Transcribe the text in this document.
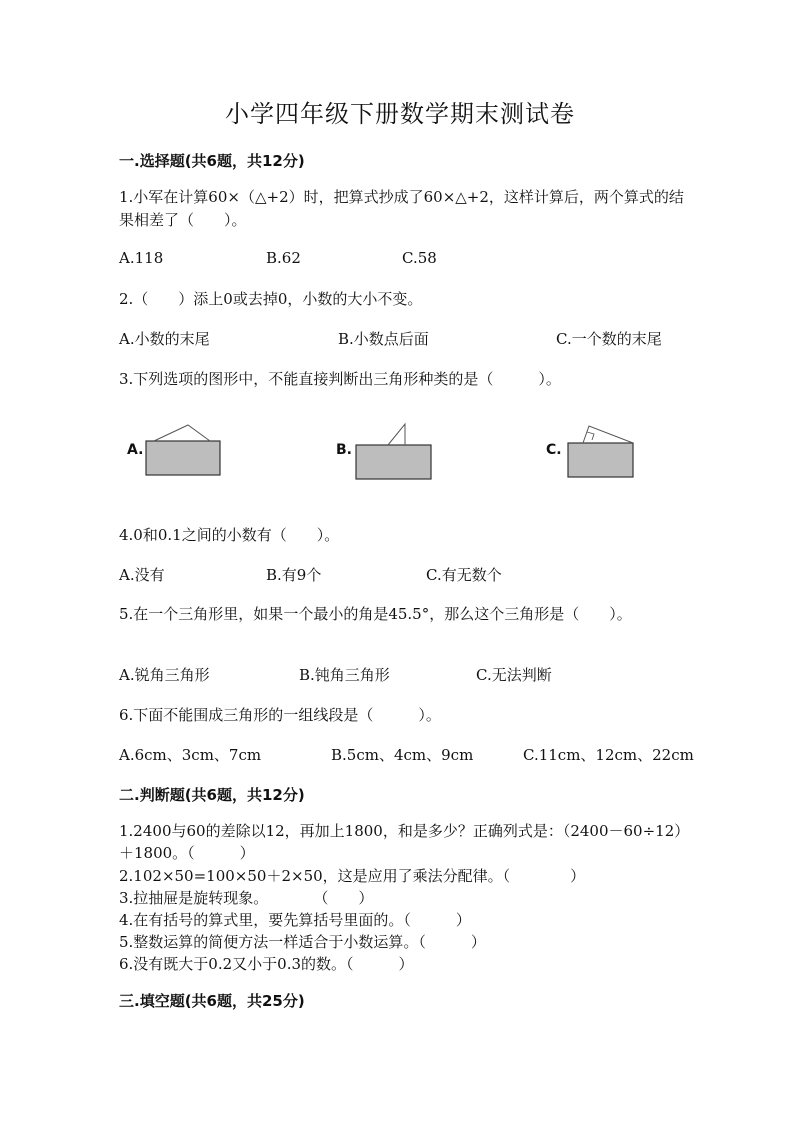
小学四年级下册数学期末测试卷
一.选择题(共6题，共12分)
1.小军在计算60×（△+2）时，把算式抄成了60×△+2，这样计算后，两个算式的结果相差了（　　）。
A.118	B.62	C.58
2.（　　）添上0或去掉0，小数的大小不变。
A.小数的末尾	B.小数点后面	C.一个数的末尾
3.下列选项的图形中，不能直接判断出三角形种类的是（　　　）。
A.	B.	C.
4.0和0.1之间的小数有（　　）。
A.没有	B.有9个	C.有无数个
5.在一个三角形里，如果一个最小的角是45.5°，那么这个三角形是（　　）。
A.锐角三角形	B.钝角三角形	C.无法判断
6.下面不能围成三角形的一组线段是（　　　）。
A.6cm、3cm、7cm	B.5cm、4cm、9cm	C.11cm、12cm、22cm
二.判断题(共6题，共12分)
1.2400与60的差除以12，再加上1800，和是多少？正确列式是：（2400－60÷12）＋1800。（　　　）
2.102×50=100×50＋2×50，这是应用了乘法分配律。（　　　　）
3.拉抽屉是旋转现象。　　　　（　　）
4.在有括号的算式里，要先算括号里面的。（　　　）
5.整数运算的简便方法一样适合于小数运算。（　　　）
6.没有既大于0.2又小于0.3的数。（　　　）
三.填空题(共6题，共25分)
